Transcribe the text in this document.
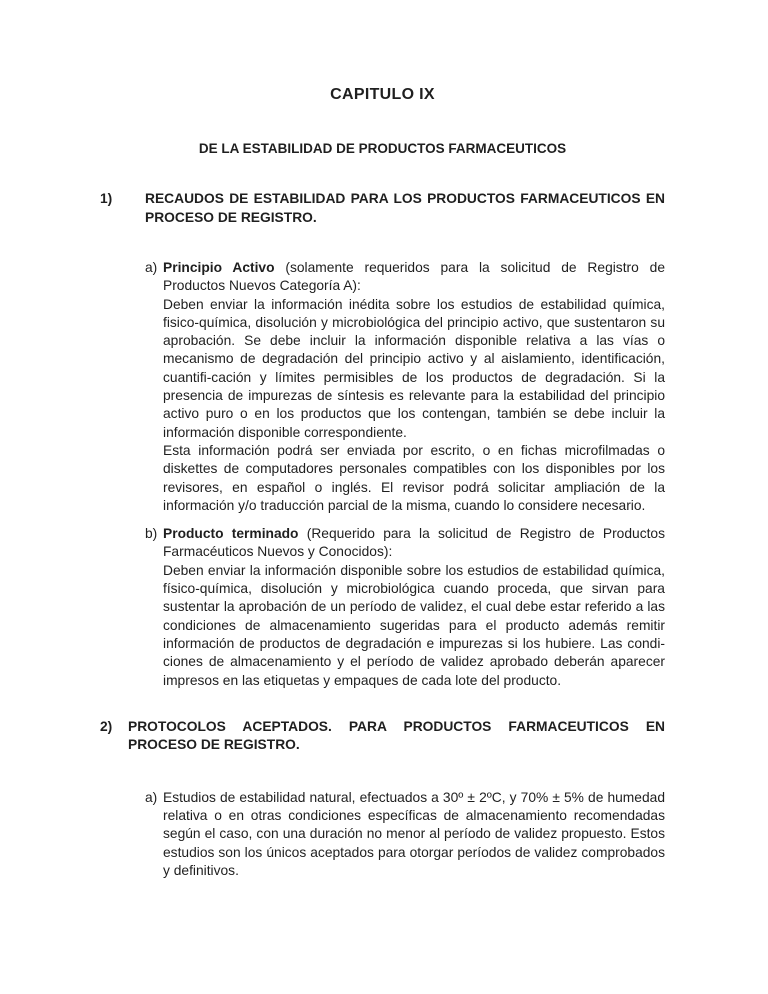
CAPITULO IX
DE LA ESTABILIDAD DE PRODUCTOS FARMACEUTICOS
1) RECAUDOS DE ESTABILIDAD PARA LOS PRODUCTOS FARMACEUTICOS EN PROCESO DE REGISTRO.
a) Principio Activo (solamente requeridos para la solicitud de Registro de Productos Nuevos Categoría A):

Deben enviar la información inédita sobre los estudios de estabilidad química, fisico-química, disolución y microbiológica del principio activo, que sustentaron su aprobación. Se debe incluir la información disponible relativa a las vías o mecanismo de degradación del principio activo y al aislamiento, identificación, cuantifi-cación y límites permisibles de los productos de degradación. Si la presencia de impurezas de síntesis es relevante para la estabilidad del principio activo puro o en los productos que los contengan, también se debe incluir la información disponible correspondiente.

Esta información podrá ser enviada por escrito, o en fichas microfilmadas o diskettes de computadores personales compatibles con los disponibles por los revisores, en español o inglés. El revisor podrá solicitar ampliación de la información y/o traducción parcial de la misma, cuando lo considere necesario.

b) Producto terminado (Requerido para la solicitud de Registro de Productos Farmacéuticos Nuevos y Conocidos):

Deben enviar la información disponible sobre los estudios de estabilidad química, físico-química, disolución y microbiológica cuando proceda, que sirvan para sustentar la aprobación de un período de validez, el cual debe estar referido a las condiciones de almacenamiento sugeridas para el producto además remitir información de productos de degradación e impurezas si los hubiere. Las condi-ciones de almacenamiento y el período de validez aprobado deberán aparecer impresos en las etiquetas y empaques de cada lote del producto.

2) PROTOCOLOS ACEPTADOS. PARA PRODUCTOS FARMACEUTICOS EN PROCESO DE REGISTRO.
a) Estudios de estabilidad natural, efectuados a 30º ± 2ºC, y 70% ± 5% de humedad relativa o en otras condiciones específicas de almacenamiento recomendadas según el caso, con una duración no menor al período de validez propuesto. Estos estudios son los únicos aceptados para otorgar períodos de validez comprobados y definitivos.
